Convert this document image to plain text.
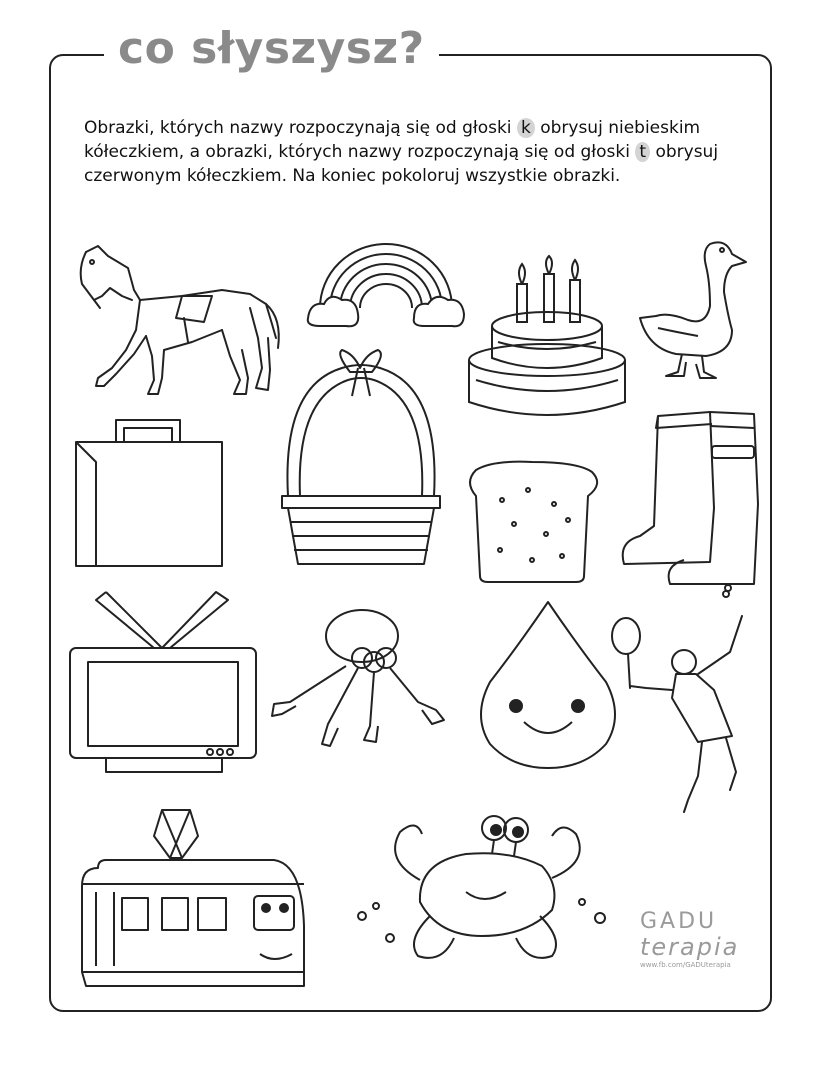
co słyszysz?
Obrazki, których nazwy rozpoczynają się od głoski k obrysuj niebieskim kółeczkiem, a obrazki, których nazwy rozpoczynają się od głoski t obrysuj czerwonym kółeczkiem. Na koniec pokoloruj wszystkie obrazki.
GADU
terapia
www.fb.com/GADUterapia
